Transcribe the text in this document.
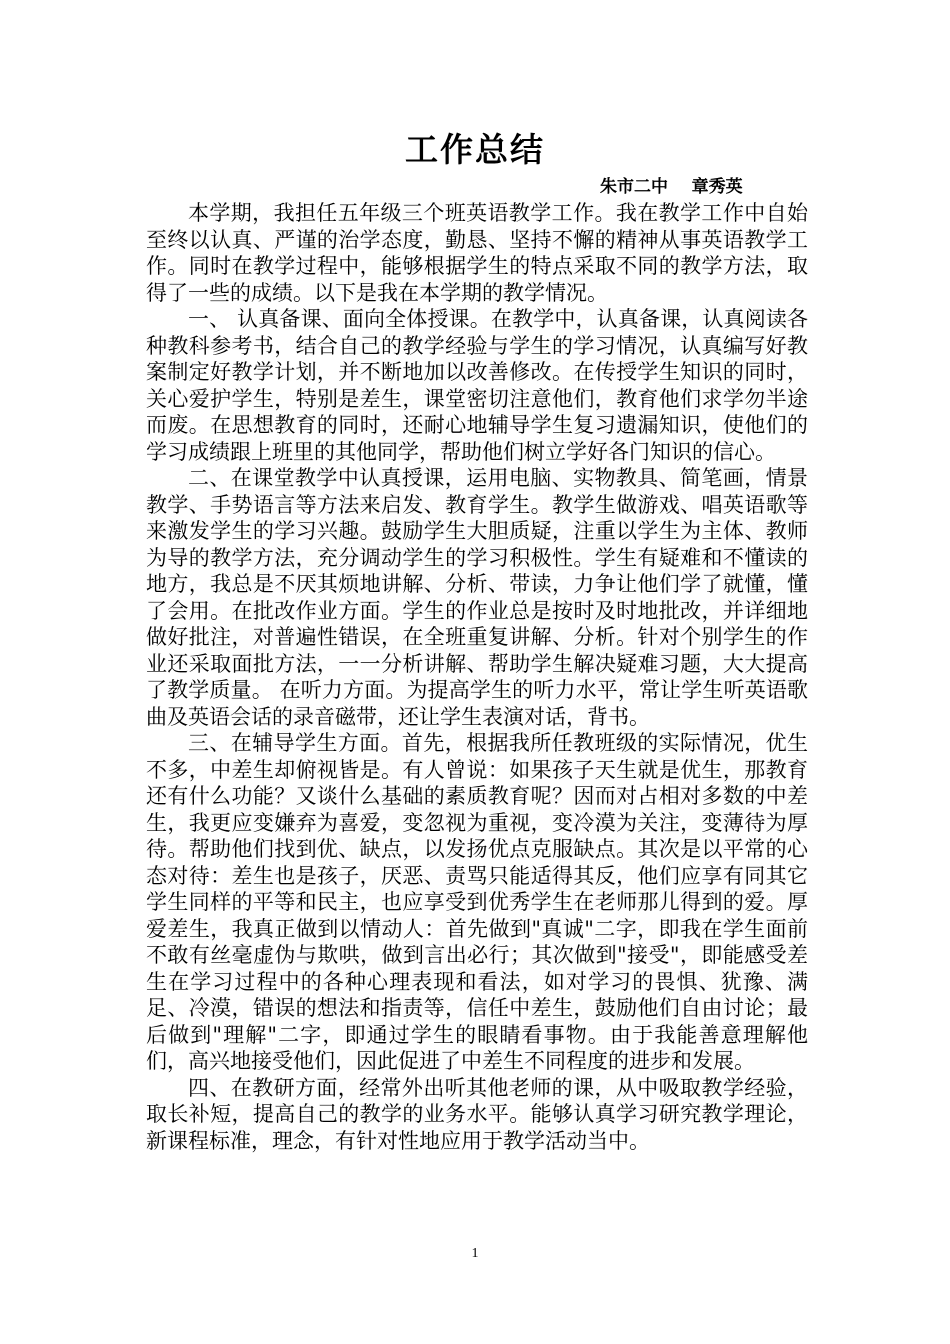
工作总结
朱市二中    章秀英

本学期，我担任五年级三个班英语教学工作。我在教学工作中自始至终以认真、严谨的治学态度，勤恳、坚持不懈的精神从事英语教学工作。同时在教学过程中，能够根据学生的特点采取不同的教学方法，取得了一些的成绩。以下是我在本学期的教学情况。

一、 认真备课、面向全体授课。在教学中，认真备课，认真阅读各种教科参考书，结合自己的教学经验与学生的学习情况，认真编写好教案制定好教学计划，并不断地加以改善修改。在传授学生知识的同时，关心爱护学生，特别是差生，课堂密切注意他们，教育他们求学勿半途而废。在思想教育的同时，还耐心地辅导学生复习遗漏知识，使他们的学习成绩跟上班里的其他同学，帮助他们树立学好各门知识的信心。

二、在课堂教学中认真授课，运用电脑、实物教具、简笔画，情景教学、手势语言等方法来启发、教育学生。教学生做游戏、唱英语歌等来激发学生的学习兴趣。鼓励学生大胆质疑，注重以学生为主体、教师为导的教学方法，充分调动学生的学习积极性。学生有疑难和不懂读的地方，我总是不厌其烦地讲解、分析、带读，力争让他们学了就懂，懂了会用。在批改作业方面。学生的作业总是按时及时地批改，并详细地做好批注，对普遍性错误，在全班重复讲解、分析。针对个别学生的作业还采取面批方法，一一分析讲解、帮助学生解决疑难习题，大大提高了教学质量。 在听力方面。为提高学生的听力水平，常让学生听英语歌曲及英语会话的录音磁带，还让学生表演对话，背书。

三、在辅导学生方面。首先，根据我所任教班级的实际情况，优生不多，中差生却俯视皆是。有人曾说：如果孩子天生就是优生，那教育还有什么功能？又谈什么基础的素质教育呢？因而对占相对多数的中差生，我更应变嫌弃为喜爱，变忽视为重视，变冷漠为关注，变薄待为厚待。帮助他们找到优、缺点，以发扬优点克服缺点。其次是以平常的心态对待：差生也是孩子，厌恶、责骂只能适得其反，他们应享有同其它学生同样的平等和民主，也应享受到优秀学生在老师那儿得到的爱。厚爱差生，我真正做到以情动人：首先做到"真诚"二字，即我在学生面前不敢有丝毫虚伪与欺哄，做到言出必行；其次做到"接受"，即能感受差生在学习过程中的各种心理表现和看法，如对学习的畏惧、犹豫、满足、冷漠，错误的想法和指责等，信任中差生，鼓励他们自由讨论；最后做到"理解"二字，即通过学生的眼睛看事物。由于我能善意理解他们，高兴地接受他们，因此促进了中差生不同程度的进步和发展。

四、在教研方面，经常外出听其他老师的课，从中吸取教学经验，取长补短，提高自己的教学的业务水平。能够认真学习研究教学理论，新课程标准，理念，有针对性地应用于教学活动当中。

1
